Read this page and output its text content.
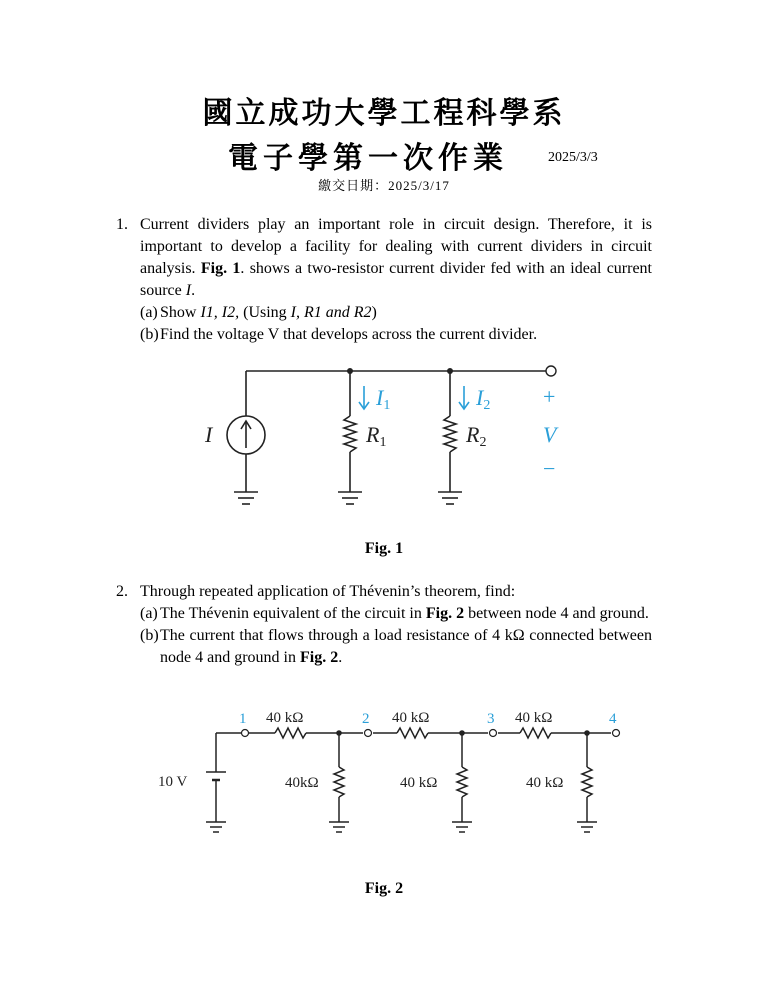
國立成功大學工程科學系
電子學第一次作業	2025/3/3
繳交日期：2025/3/17
1. Current dividers play an important role in circuit design. Therefore, it is important to develop a facility for dealing with current dividers in circuit analysis. Fig. 1. shows a two-resistor current divider fed with an ideal current source I.
(a) Show I1, I2, (Using I, R1 and R2)
(b) Find the voltage V that develops across the current divider.
I
I1	I2
R1	R2
+
V
−
Fig. 1
2. Through repeated application of Thévenin’s theorem, find:
(a) The Thévenin equivalent of the circuit in Fig. 2 between node 4 and ground.
(b) The current that flows through a load resistance of 4 kΩ connected between node 4 and ground in Fig. 2.
1	2	3	4
40 kΩ	40 kΩ	40 kΩ
40kΩ	40 kΩ	40 kΩ
10 V
Fig. 2
